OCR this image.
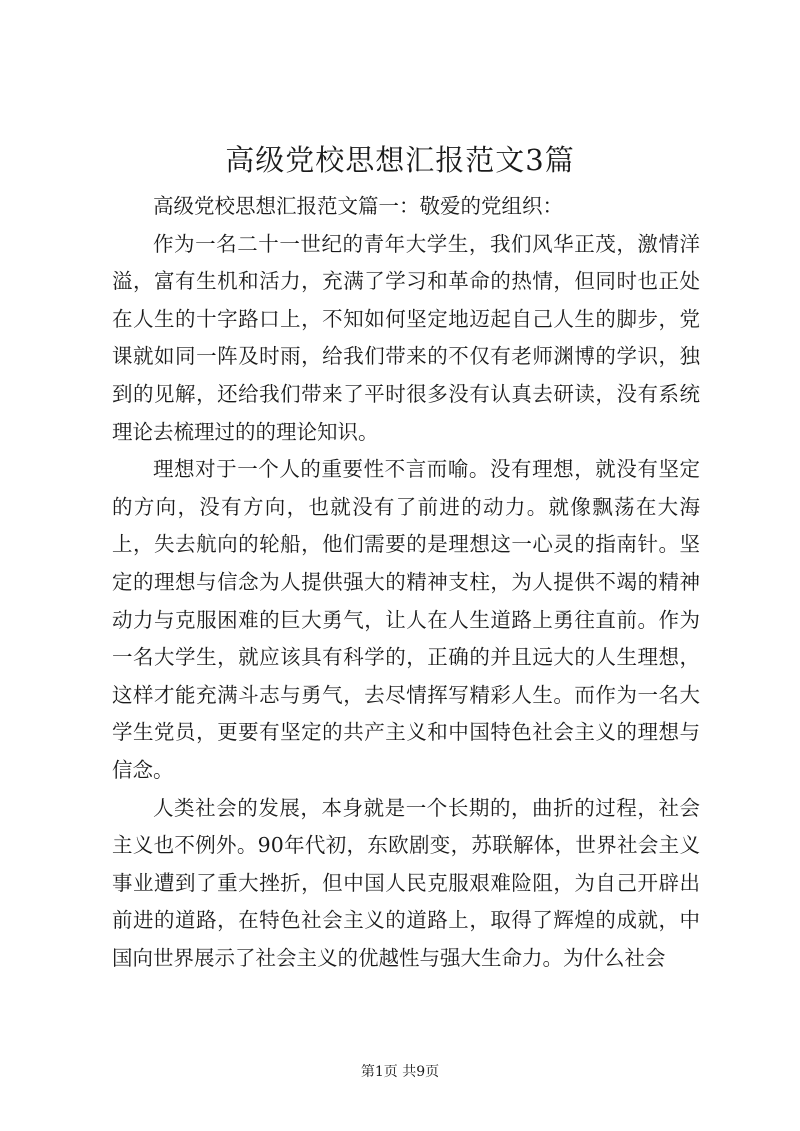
高级党校思想汇报范文3篇

高级党校思想汇报范文篇一：敬爱的党组织：

作为一名二十一世纪的青年大学生，我们风华正茂，激情洋溢，富有生机和活力，充满了学习和革命的热情，但同时也正处在人生的十字路口上，不知如何坚定地迈起自己人生的脚步，党课就如同一阵及时雨，给我们带来的不仅有老师渊博的学识，独到的见解，还给我们带来了平时很多没有认真去研读，没有系统理论去梳理过的的理论知识。

理想对于一个人的重要性不言而喻。没有理想，就没有坚定的方向，没有方向，也就没有了前进的动力。就像飘荡在大海上，失去航向的轮船，他们需要的是理想这一心灵的指南针。坚定的理想与信念为人提供强大的精神支柱，为人提供不竭的精神动力与克服困难的巨大勇气，让人在人生道路上勇往直前。作为一名大学生，就应该具有科学的，正确的并且远大的人生理想，这样才能充满斗志与勇气，去尽情挥写精彩人生。而作为一名大学生党员，更要有坚定的共产主义和中国特色社会主义的理想与信念。

人类社会的发展，本身就是一个长期的，曲折的过程，社会主义也不例外。90年代初，东欧剧变，苏联解体，世界社会主义事业遭到了重大挫折，但中国人民克服艰难险阻，为自己开辟出前进的道路，在特色社会主义的道路上，取得了辉煌的成就，中国向世界展示了社会主义的优越性与强大生命力。为什么社会

第1页 共9页
